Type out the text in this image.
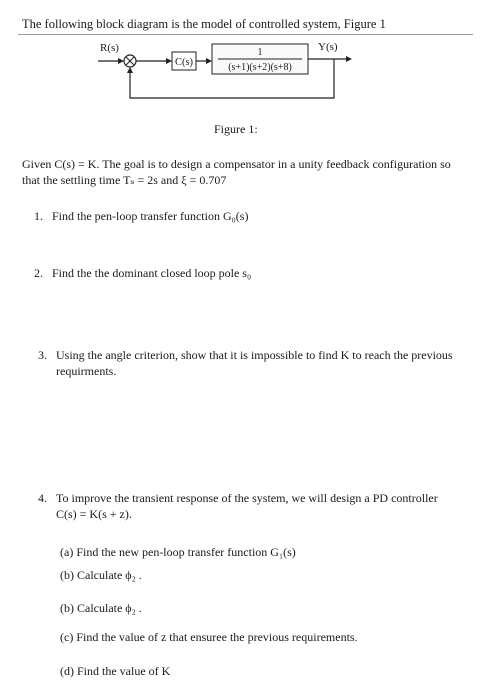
The following block diagram is the model of controlled system, Figure 1
R(s)
C(s)
1
(s+1)(s+2)(s+8)
Y(s)
Figure 1:
Given C(s) = K. The goal is to design a compensator in a unity feedback configuration so that the settling time Tₛ = 2s and ξ = 0.707
1. Find the pen-loop transfer function G₀(s)
2. Find the the dominant closed loop pole s₀
3. Using the angle criterion, show that it is impossible to find K to reach the previous requirments.
4. To improve the transient response of the system, we will design a PD controller C(s) = K(s + z).
(a) Find the new pen-loop transfer function G₁(s)
(b) Calculate ϕ₂ .
(b) Calculate ϕ₂ .
(c) Find the value of z that ensuree the previous requirements.
(d) Find the value of K
